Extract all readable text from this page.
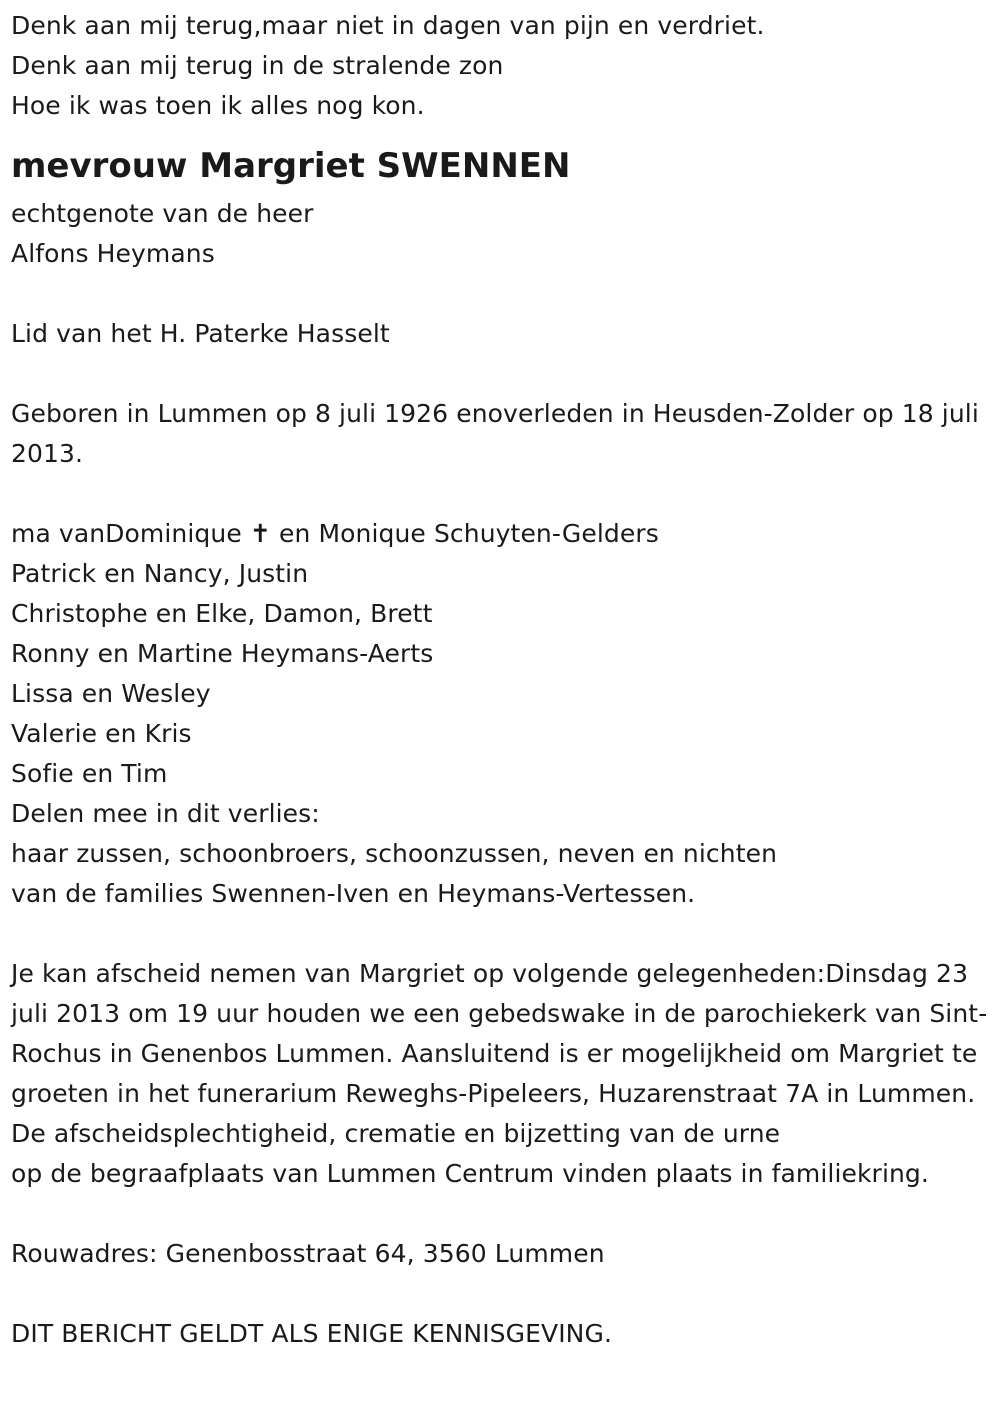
Denk aan mij terug,maar niet in dagen van pijn en verdriet.
Denk aan mij terug in de stralende zon
Hoe ik was toen ik alles nog kon.
mevrouw Margriet SWENNEN
echtgenote van de heer
Alfons Heymans
Lid van het H. Paterke Hasselt
Geboren in Lummen op 8 juli 1926 enoverleden in Heusden-Zolder op 18 juli 2013.
ma vanDominique ✝ en Monique Schuyten-Gelders
Patrick en Nancy, Justin
Christophe en Elke, Damon, Brett
Ronny en Martine Heymans-Aerts
Lissa en Wesley
Valerie en Kris
Sofie en Tim
Delen mee in dit verlies:
haar zussen, schoonbroers, schoonzussen, neven en nichten
van de families Swennen-Iven en Heymans-Vertessen.
Je kan afscheid nemen van Margriet op volgende gelegenheden:Dinsdag 23 juli 2013 om 19 uur houden we een gebedswake in de parochiekerk van Sint-Rochus in Genenbos Lummen. Aansluitend is er mogelijkheid om Margriet te groeten in het funerarium Reweghs-Pipeleers, Huzarenstraat 7A in Lummen.
De afscheidsplechtigheid, crematie en bijzetting van de urne
op de begraafplaats van Lummen Centrum vinden plaats in familiekring.
Rouwadres: Genenbosstraat 64, 3560 Lummen
DIT BERICHT GELDT ALS ENIGE KENNISGEVING.
